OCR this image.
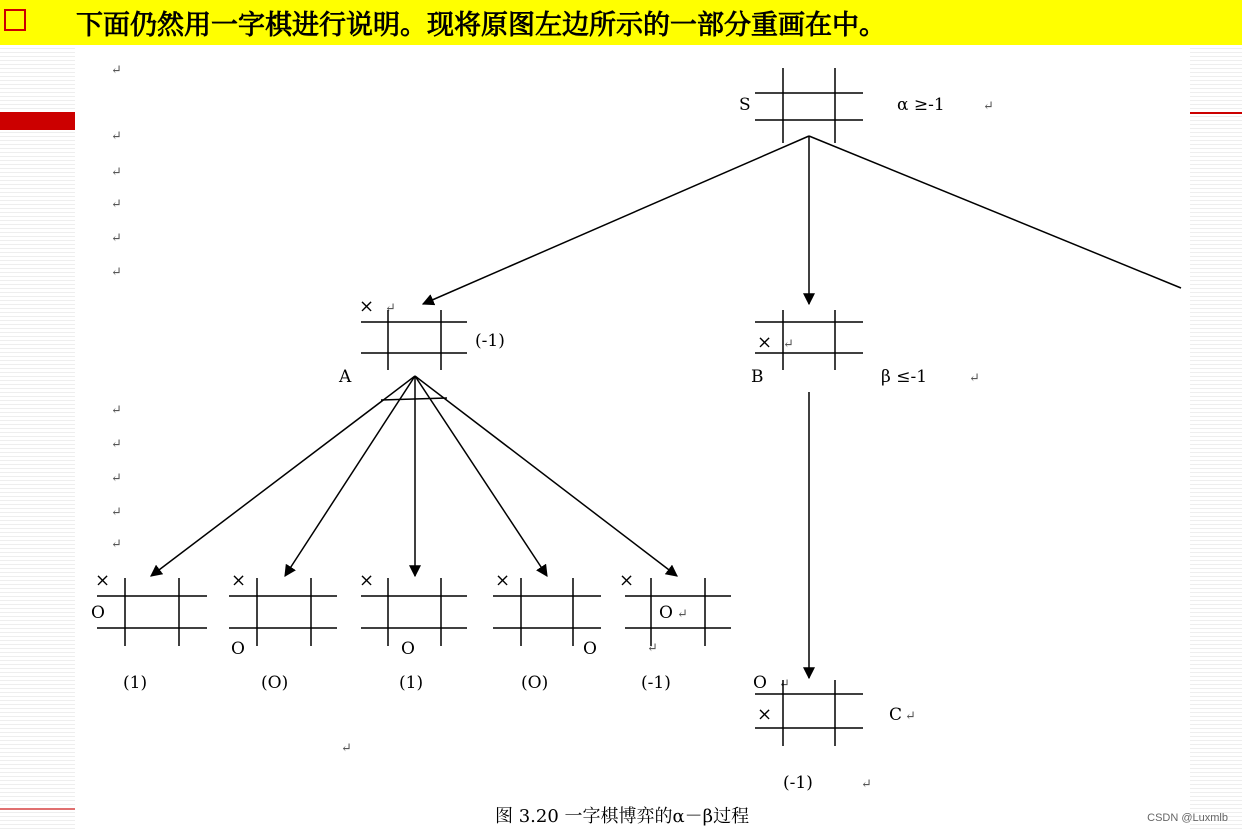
下面仍然用一字棋进行说明。现将原图左边所示的一部分重画在中。
↵
↵
↵
↵
↵
↵
↵
↵
↵
↵
↵
↵
S	α ≥-1	↵
× ↵
(-1)
A
×
O
(1)
×
O
(O)
×
O
(1)
×
O
(O)
×
O ↵
↵
(-1)
× ↵
B	β ≤-1	↵
O ↵
×	C ↵
(-1)	↵
图 3.20 一字棋博弈的α－β过程	CSDN @Luxmlb
